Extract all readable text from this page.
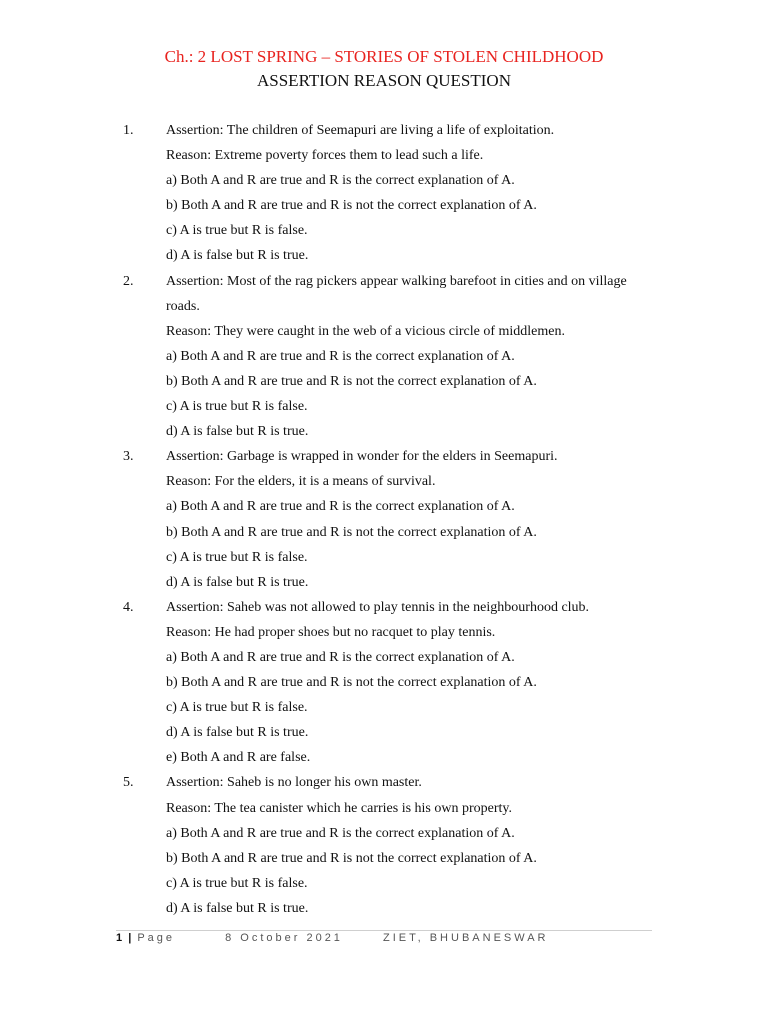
Ch.: 2 LOST SPRING – STORIES OF STOLEN CHILDHOOD
ASSERTION REASON QUESTION
1. Assertion: The children of Seemapuri are living a life of exploitation.
Reason: Extreme poverty forces them to lead such a life.
a) Both A and R are true and R is the correct explanation of A.
b) Both A and R are true and R is not the correct explanation of A.
c) A is true but R is false.
d) A is false but R is true.
2. Assertion: Most of the rag pickers appear walking barefoot in cities and on village
roads.
Reason: They were caught in the web of a vicious circle of middlemen.
a) Both A and R are true and R is the correct explanation of A.
b) Both A and R are true and R is not the correct explanation of A.
c) A is true but R is false.
d) A is false but R is true.
3. Assertion: Garbage is wrapped in wonder for the elders in Seemapuri.
Reason: For the elders, it is a means of survival.
a) Both A and R are true and R is the correct explanation of A.
b) Both A and R are true and R is not the correct explanation of A.
c) A is true but R is false.
d) A is false but R is true.
4. Assertion: Saheb was not allowed to play tennis in the neighbourhood club.
Reason: He had proper shoes but no racquet to play tennis.
a) Both A and R are true and R is the correct explanation of A.
b) Both A and R are true and R is not the correct explanation of A.
c) A is true but R is false.
d) A is false but R is true.
e) Both A and R are false.
5. Assertion: Saheb is no longer his own master.
Reason: The tea canister which he carries is his own property.
a) Both A and R are true and R is the correct explanation of A.
b) Both A and R are true and R is not the correct explanation of A.
c) A is true but R is false.
d) A is false but R is true.
1 | Page	8 October 2021	ZIET, BHUBANESWAR
